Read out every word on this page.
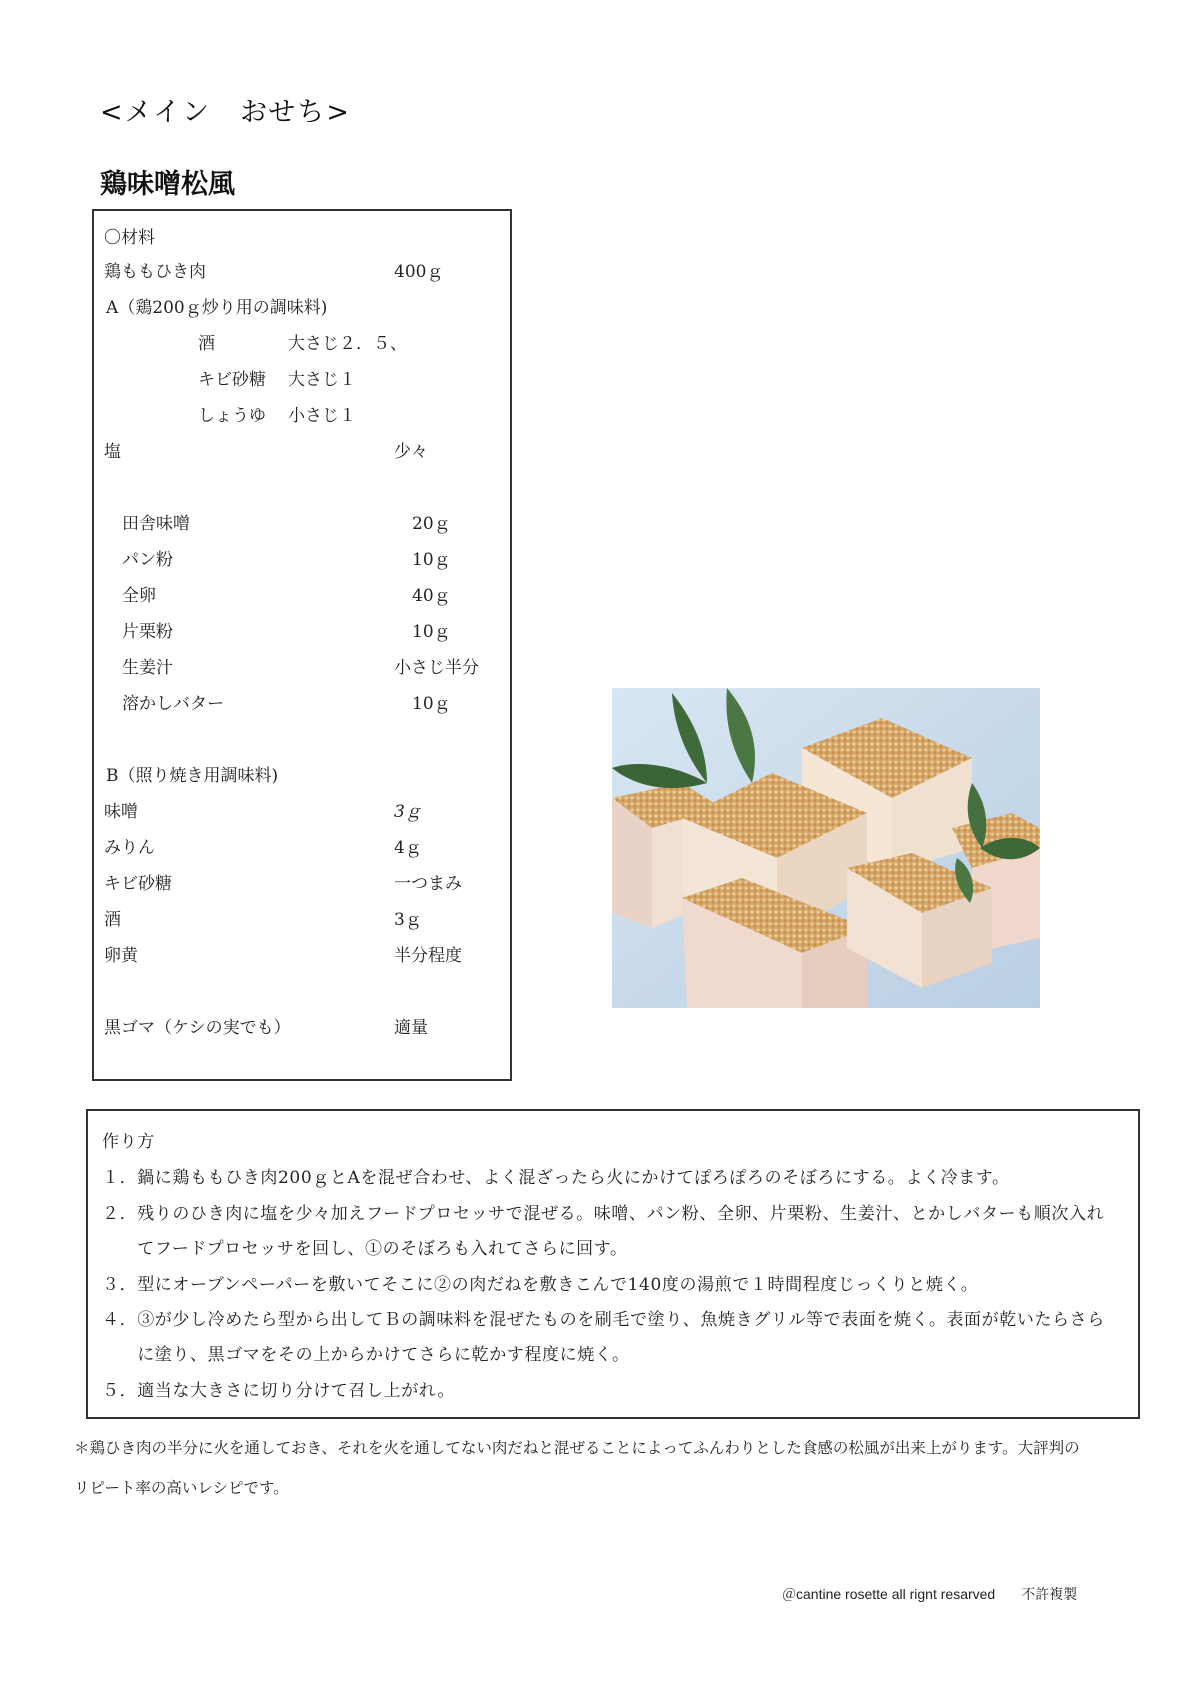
<メイン　おせち>
鶏味噌松風
〇材料
鶏ももひき肉	400ｇ
A（鶏200ｇ炒り用の調味料)
酒	大さじ２．５、
キビ砂糖 大さじ１
しょうゆ 小さじ１
塩	少々
田舎味噌	20ｇ
パン粉	10ｇ
全卵	40ｇ
片栗粉	10ｇ
生姜汁	小さじ半分
溶かしバター	10ｇ
B（照り焼き用調味料)
味噌	3ｇ
みりん	4ｇ
キビ砂糖	一つまみ
酒	3ｇ
卵黄	半分程度
黒ゴマ（ケシの実でも）	適量
作り方
１．鍋に鶏ももひき肉200ｇとAを混ぜ合わせ、よく混ざったら火にかけてぽろぽろのそぼろにする。よく冷ます。
２．残りのひき肉に塩を少々加えフードプロセッサで混ぜる。味噌、パン粉、全卵、片栗粉、生姜汁、とかしバターも順次入れ
　　てフードプロセッサを回し、①のそぼろも入れてさらに回す。
３．型にオーブンペーパーを敷いてそこに②の肉だねを敷きこんで140度の湯煎で１時間程度じっくりと焼く。
４．③が少し冷めたら型から出してＢの調味料を混ぜたものを刷毛で塗り、魚焼きグリル等で表面を焼く。表面が乾いたらさら
　　に塗り、黒ゴマをその上からかけてさらに乾かす程度に焼く。
５．適当な大きさに切り分けて召し上がれ。
＊鶏ひき肉の半分に火を通しておき、それを火を通してない肉だねと混ぜることによってふんわりとした食感の松風が出来上がります。大評判の
リピート率の高いレシピです。
＠cantine rosette all rignt resarved 不許複製
